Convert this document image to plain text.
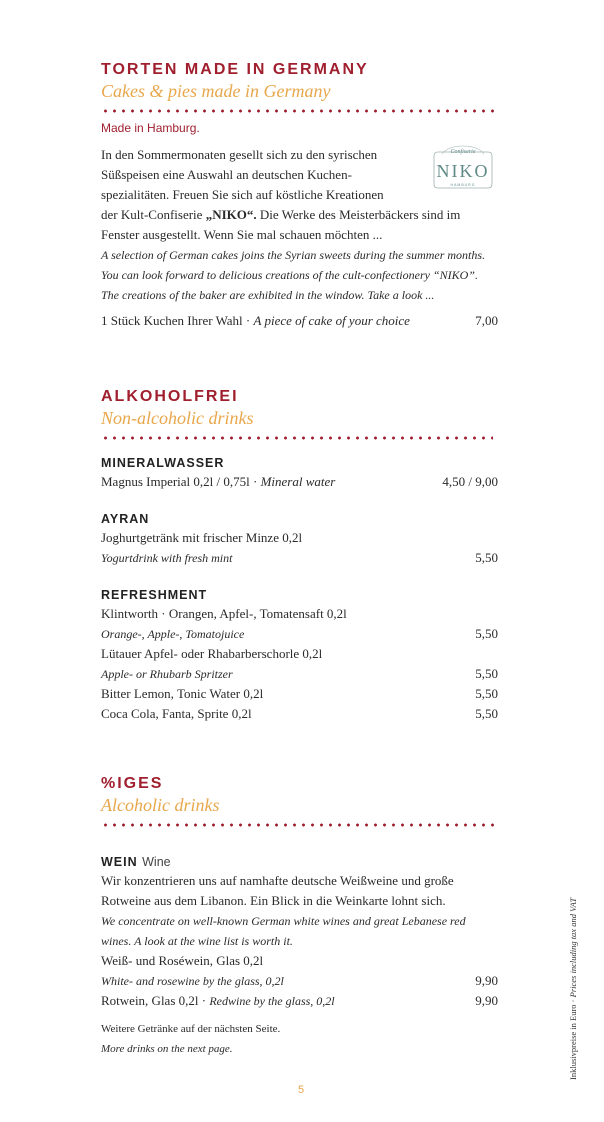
TORTEN MADE IN GERMANY

Cakes & pies made in Germany

Made in Hamburg.
In den Sommermonaten gesellt sich zu den syrischen
Süßspeisen eine Auswahl an deutschen Kuchen-
spezialitäten. Freuen Sie sich auf köstliche Kreationen
der Kult-Confiserie „NIKO“. Die Werke des Meisterbäckers sind im
Fenster ausgestellt. Wenn Sie mal schauen möchten ...
A selection of German cakes joins the Syrian sweets during the summer months.
You can look forward to delicious creations of the cult-confectionery “NIKO”.
The creations of the baker are exhibited in the window. Take a look ...
1 Stück Kuchen Ihrer Wahl · A piece of cake of your choice	7,00
Confiserie
NIKO
HAMBURG
ALKOHOLFREI

Non-alcoholic drinks

MINERALWASSER
Magnus Imperial 0,2l / 0,75l · Mineral water	4,50 / 9,00
AYRAN
Joghurtgetränk mit frischer Minze 0,2l
Yogurtdrink with fresh mint	5,50
REFRESHMENT
Klintworth · Orangen, Apfel-, Tomatensaft 0,2l
Orange-, Apple-, Tomatojuice	5,50
Lütauer Apfel- oder Rhabarberschorle 0,2l
Apple- or Rhubarb Spritzer	5,50
Bitter Lemon, Tonic Water 0,2l	5,50
Coca Cola, Fanta, Sprite 0,2l	5,50
%IGES

Alcoholic drinks

WEIN Wine
Wir konzentrieren uns auf namhafte deutsche Weißweine und große
Rotweine aus dem Libanon. Ein Blick in die Weinkarte lohnt sich.
We concentrate on well-known German white wines and great Lebanese red
wines. A look at the wine list is worth it.
Weiß- und Roséwein, Glas 0,2l
White- and rosewine by the glass, 0,2l	9,90
Rotwein, Glas 0,2l · Redwine by the glass, 0,2l	9,90
Weitere Getränke auf der nächsten Seite.
More drinks on the next page.
5
Inklusivpreise in Euro · Prices including tax and VAT
